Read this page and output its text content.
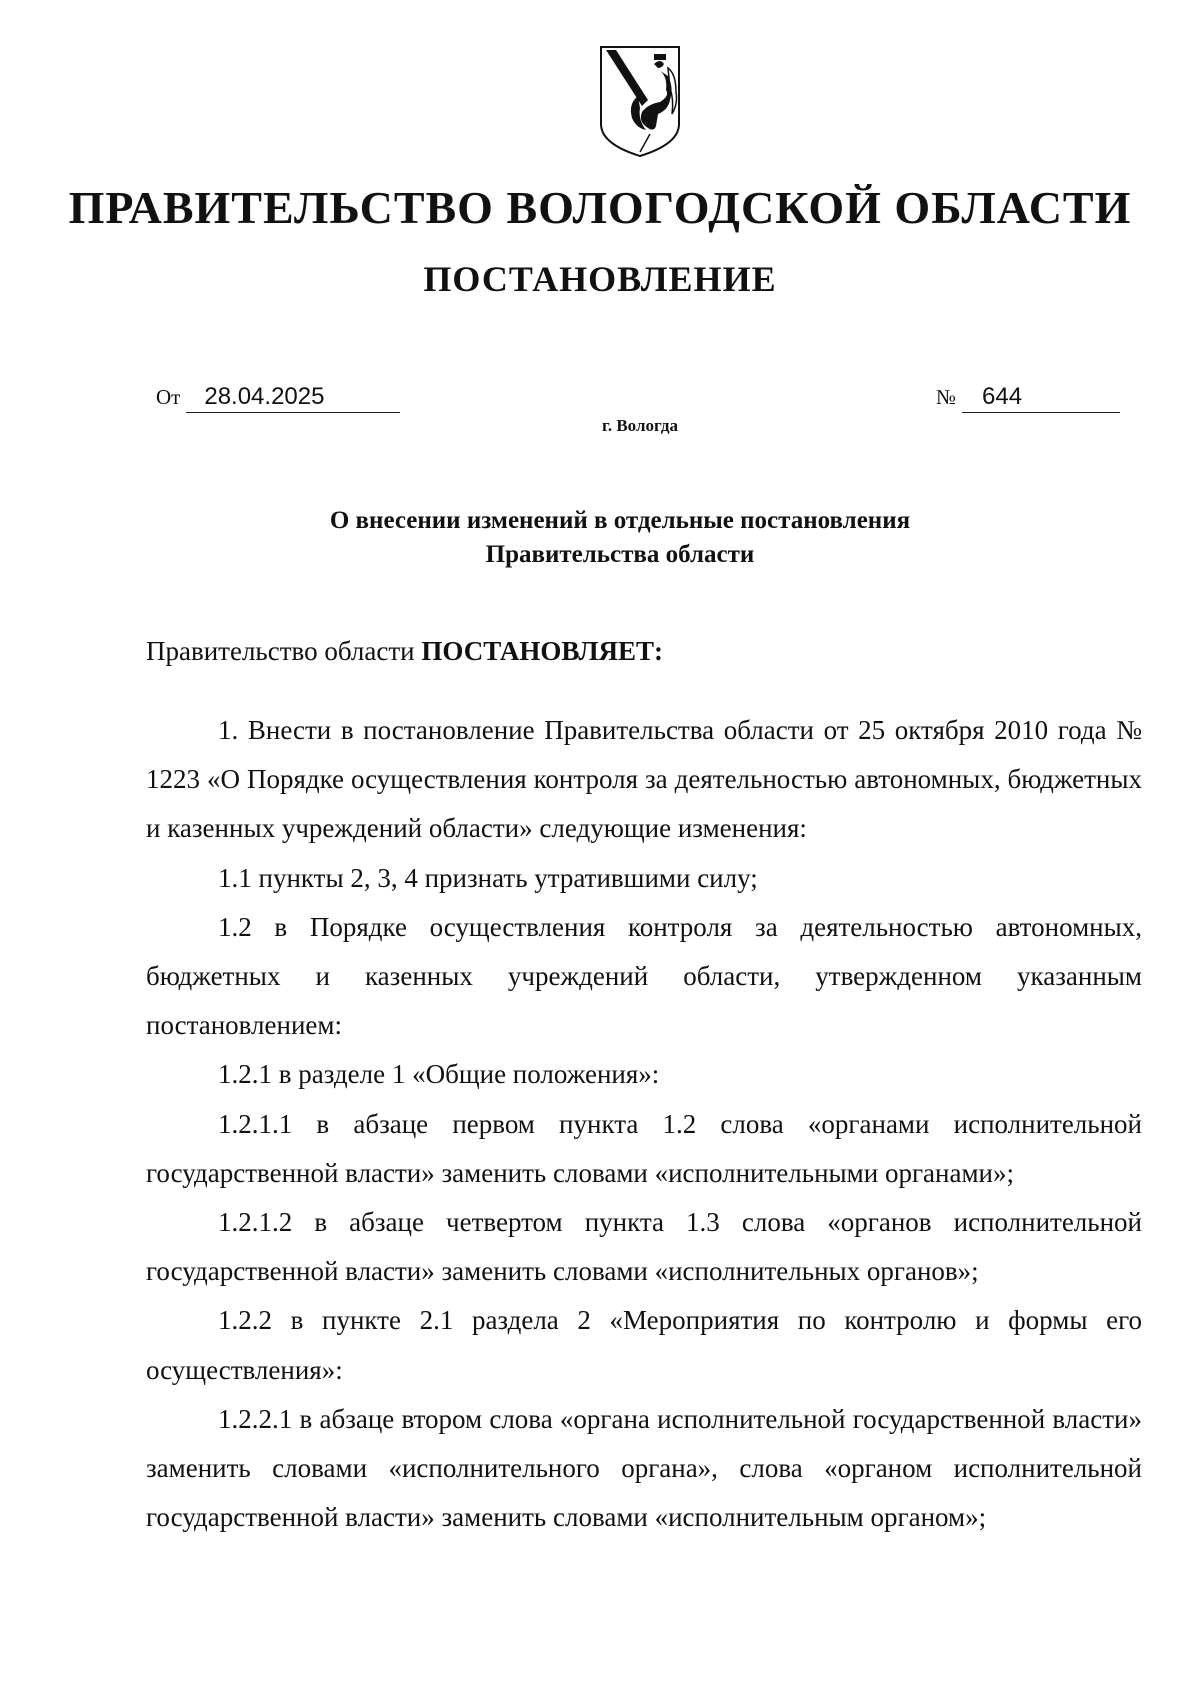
ПРАВИТЕЛЬСТВО ВОЛОГОДСКОЙ ОБЛАСТИ
ПОСТАНОВЛЕНИЕ
От 28.04.2025	№ 644
г. Вологда
О внесении изменений в отдельные постановления
Правительства области
Правительство области ПОСТАНОВЛЯЕТ:

1. Внести в постановление Правительства области от 25 октября 2010 года № 1223 «О Порядке осуществления контроля за деятельностью автономных, бюджетных и казенных учреждений области» следующие изменения:

1.1 пункты 2, 3, 4 признать утратившими силу;

1.2 в Порядке осуществления контроля за деятельностью автономных, бюджетных и казенных учреждений области, утвержденном указанным постановлением:

1.2.1 в разделе 1 «Общие положения»:

1.2.1.1 в абзаце первом пункта 1.2 слова «органами исполнительной государственной власти» заменить словами «исполнительными органами»;

1.2.1.2 в абзаце четвертом пункта 1.3 слова «органов исполнительной государственной власти» заменить словами «исполнительных органов»;

1.2.2 в пункте 2.1 раздела 2 «Мероприятия по контролю и формы его осуществления»:

1.2.2.1 в абзаце втором слова «органа исполнительной государственной власти» заменить словами «исполнительного органа», слова «органом исполнительной государственной власти» заменить словами «исполнительным органом»;
